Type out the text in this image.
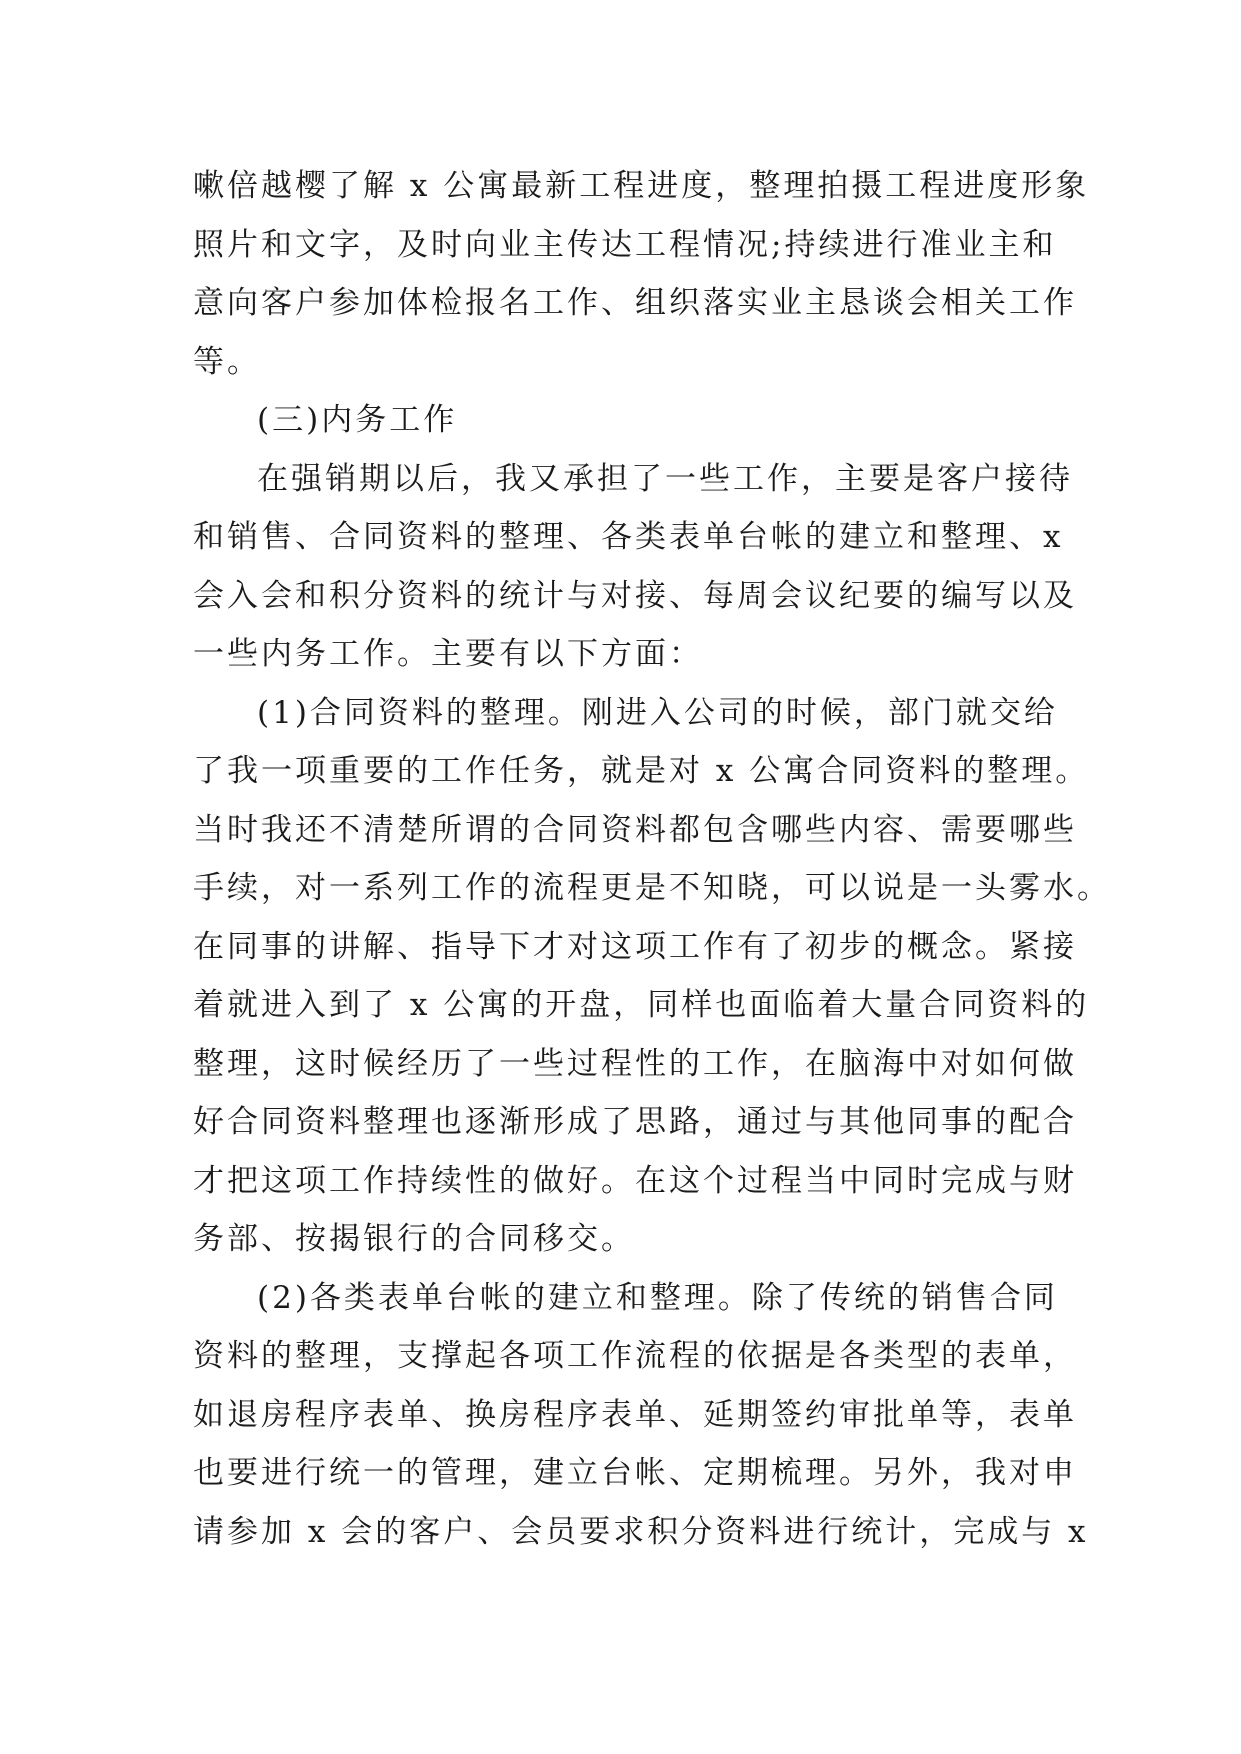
嗽倍越樱了解 x 公寓最新工程进度，整理拍摄工程进度形象
照片和文字，及时向业主传达工程情况;持续进行准业主和
意向客户参加体检报名工作、组织落实业主恳谈会相关工作
等。
(三)内务工作
在强销期以后，我又承担了一些工作，主要是客户接待
和销售、合同资料的整理、各类表单台帐的建立和整理、x
会入会和积分资料的统计与对接、每周会议纪要的编写以及
一些内务工作。主要有以下方面：
(1)合同资料的整理。刚进入公司的时候，部门就交给
了我一项重要的工作任务，就是对 x 公寓合同资料的整理。
当时我还不清楚所谓的合同资料都包含哪些内容、需要哪些
手续，对一系列工作的流程更是不知晓，可以说是一头雾水。
在同事的讲解、指导下才对这项工作有了初步的概念。紧接
着就进入到了 x 公寓的开盘，同样也面临着大量合同资料的
整理，这时候经历了一些过程性的工作，在脑海中对如何做
好合同资料整理也逐渐形成了思路，通过与其他同事的配合
才把这项工作持续性的做好。在这个过程当中同时完成与财
务部、按揭银行的合同移交。
(2)各类表单台帐的建立和整理。除了传统的销售合同
资料的整理，支撑起各项工作流程的依据是各类型的表单，
如退房程序表单、换房程序表单、延期签约审批单等，表单
也要进行统一的管理，建立台帐、定期梳理。另外，我对申
请参加 x 会的客户、会员要求积分资料进行统计，完成与 x
